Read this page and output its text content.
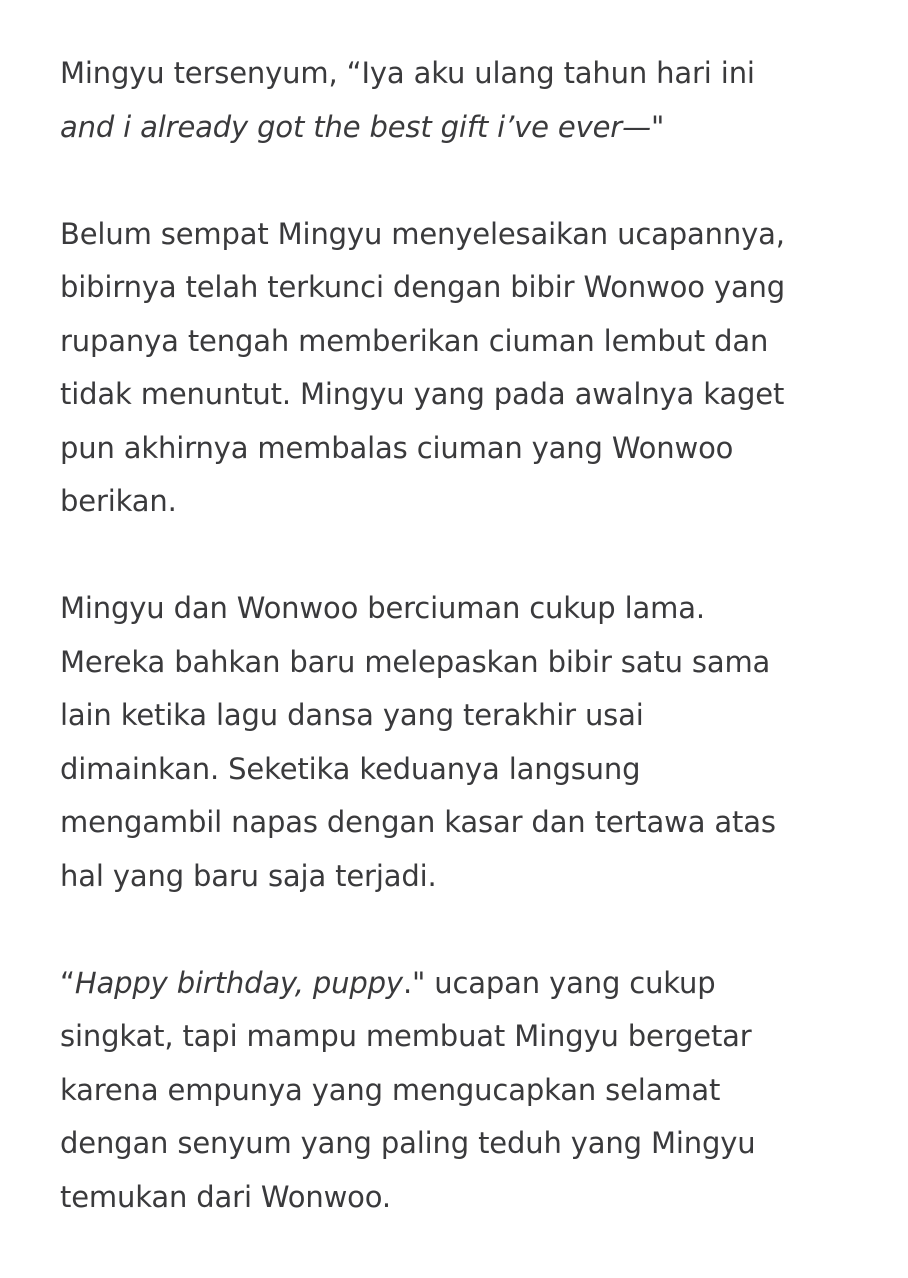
Mingyu tersenyum, “Iya aku ulang tahun hari ini
and i already got the best gift i’ve ever—"

Belum sempat Mingyu menyelesaikan ucapannya,
bibirnya telah terkunci dengan bibir Wonwoo yang
rupanya tengah memberikan ciuman lembut dan
tidak menuntut. Mingyu yang pada awalnya kaget
pun akhirnya membalas ciuman yang Wonwoo
berikan.

Mingyu dan Wonwoo berciuman cukup lama.
Mereka bahkan baru melepaskan bibir satu sama
lain ketika lagu dansa yang terakhir usai
dimainkan. Seketika keduanya langsung
mengambil napas dengan kasar dan tertawa atas
hal yang baru saja terjadi.

“Happy birthday, puppy." ucapan yang cukup
singkat, tapi mampu membuat Mingyu bergetar
karena empunya yang mengucapkan selamat
dengan senyum yang paling teduh yang Mingyu
temukan dari Wonwoo.
